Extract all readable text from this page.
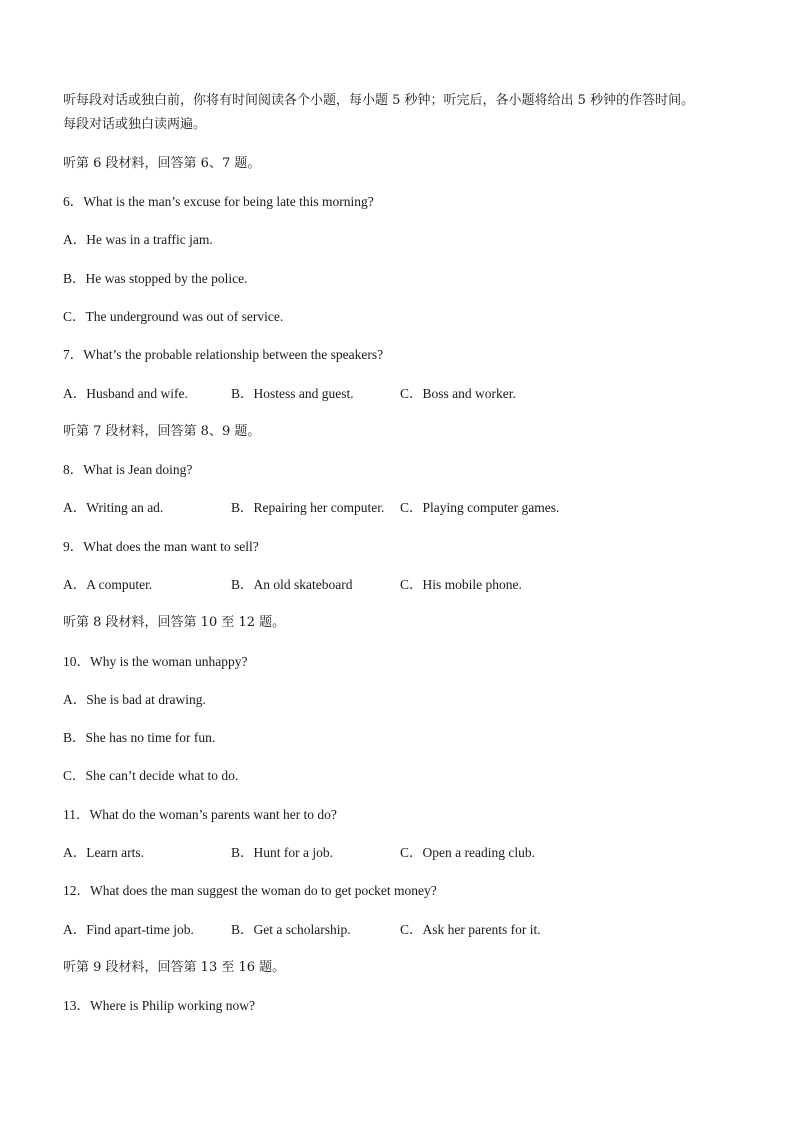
听每段对话或独白前，你将有时间阅读各个小题，每小题 5 秒钟；听完后，各小题将给出 5 秒钟的作答时间。
每段对话或独白读两遍。
听第 6 段材料，回答第 6、7 题。
6．What is the man’s excuse for being late this morning?
A．He was in a traffic jam.
B．He was stopped by the police.
C．The underground was out of service.
7．What’s the probable relationship between the speakers?
A．Husband and wife.	B．Hostess and guest.	C．Boss and worker.
听第 7 段材料，回答第 8、9 题。
8．What is Jean doing?
A．Writing an ad.	B．Repairing her computer. C．Playing computer games.
9．What does the man want to sell?
A．A computer.	B．An old skateboard	C．His mobile phone.
听第 8 段材料，回答第 10 至 12 题。
10．Why is the woman unhappy?
A．She is bad at drawing.
B．She has no time for fun.
C．She can’t decide what to do.
11．What do the woman’s parents want her to do?
A．Learn arts.	B．Hunt for a job.	C．Open a reading club.
12．What does the man suggest the woman do to get pocket money?
A．Find apart-time job.	B．Get a scholarship.	C．Ask her parents for it.
听第 9 段材料，回答第 13 至 16 题。
13．Where is Philip working now?
